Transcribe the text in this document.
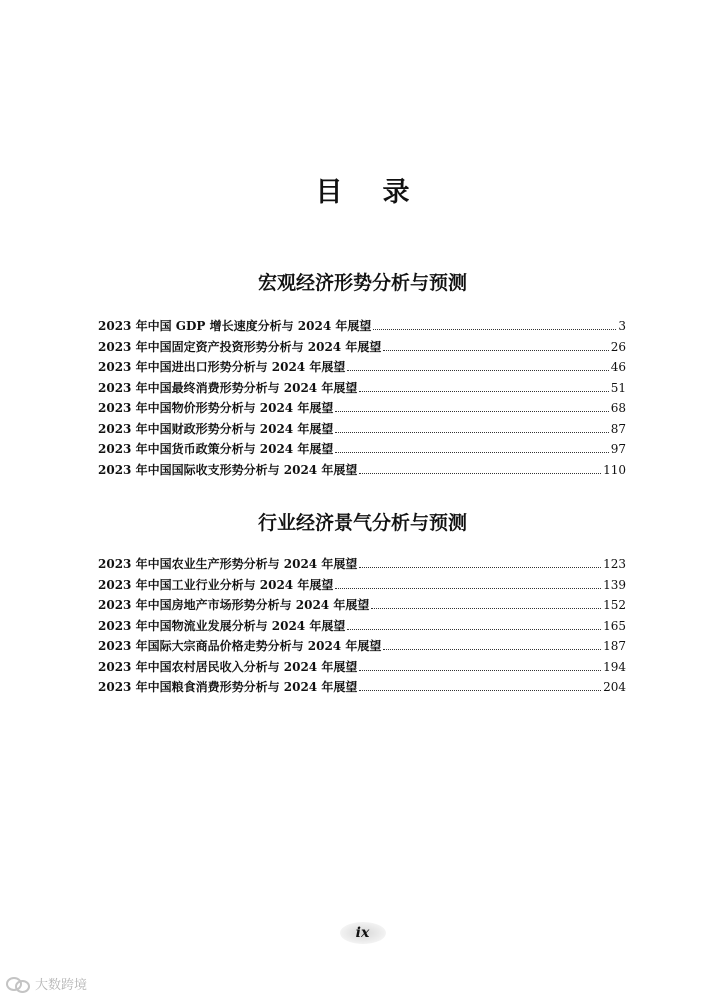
目录
宏观经济形势分析与预测
2023 年中国 GDP 增长速度分析与 2024 年展望	3
2023 年中国固定资产投资形势分析与 2024 年展望	26
2023 年中国进出口形势分析与 2024 年展望	46
2023 年中国最终消费形势分析与 2024 年展望	51
2023 年中国物价形势分析与 2024 年展望	68
2023 年中国财政形势分析与 2024 年展望	87
2023 年中国货币政策分析与 2024 年展望	97
2023 年中国国际收支形势分析与 2024 年展望	110
行业经济景气分析与预测
2023 年中国农业生产形势分析与 2024 年展望	123
2023 年中国工业行业分析与 2024 年展望	139
2023 年中国房地产市场形势分析与 2024 年展望	152
2023 年中国物流业发展分析与 2024 年展望	165
2023 年国际大宗商品价格走势分析与 2024 年展望	187
2023 年中国农村居民收入分析与 2024 年展望	194
2023 年中国粮食消费形势分析与 2024 年展望	204
ix
大数跨境
